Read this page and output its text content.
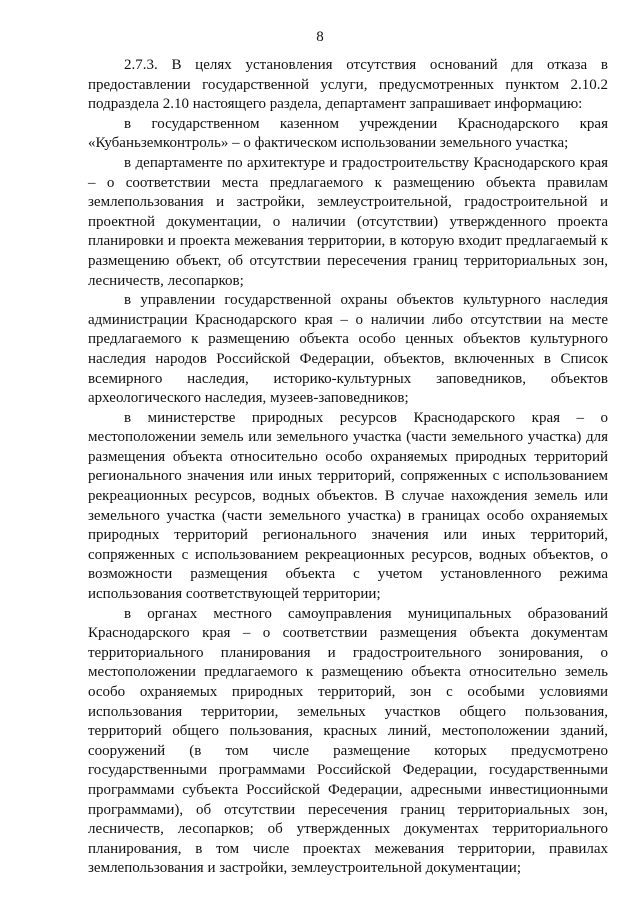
8

2.7.3. В целях установления отсутствия оснований для отказа в предоставлении государственной услуги, предусмотренных пунктом 2.10.2 подраздела 2.10 настоящего раздела, департамент запрашивает информацию:

в государственном казенном учреждении Краснодарского края «Кубаньземконтроль» – о фактическом использовании земельного участка;

в департаменте по архитектуре и градостроительству Краснодарского края – о соответствии места предлагаемого к размещению объекта правилам землепользования и застройки, землеустроительной, градостроительной и проектной документации, о наличии (отсутствии) утвержденного проекта планировки и проекта межевания территории, в которую входит предлагаемый к размещению объект, об отсутствии пересечения границ территориальных зон, лесничеств, лесопарков;

в управлении государственной охраны объектов культурного наследия администрации Краснодарского края – о наличии либо отсутствии на месте предлагаемого к размещению объекта особо ценных объектов культурного наследия народов Российской Федерации, объектов, включенных в Список всемирного наследия, историко-культурных заповедников, объектов археологического наследия, музеев-заповедников;

в министерстве природных ресурсов Краснодарского края – о местоположении земель или земельного участка (части земельного участка) для размещения объекта относительно особо охраняемых природных территорий регионального значения или иных территорий, сопряженных с использованием рекреационных ресурсов, водных объектов. В случае нахождения земель или земельного участка (части земельного участка) в границах особо охраняемых природных территорий регионального значения или иных территорий, сопряженных с использованием рекреационных ресурсов, водных объектов, о возможности размещения объекта с учетом установленного режима использования соответствующей территории;

в органах местного самоуправления муниципальных образований Краснодарского края – о соответствии размещения объекта документам территориального планирования и градостроительного зонирования, о местоположении предлагаемого к размещению объекта относительно земель особо охраняемых природных территорий, зон с особыми условиями использования территории, земельных участков общего пользования, территорий общего пользования, красных линий, местоположении зданий, сооружений (в том числе размещение которых предусмотрено государственными программами Российской Федерации, государственными программами субъекта Российской Федерации, адресными инвестиционными программами), об отсутствии пересечения границ территориальных зон, лесничеств, лесопарков; об утвержденных документах территориального планирования, в том числе проектах межевания территории, правилах землепользования и застройки, землеустроительной документации;
